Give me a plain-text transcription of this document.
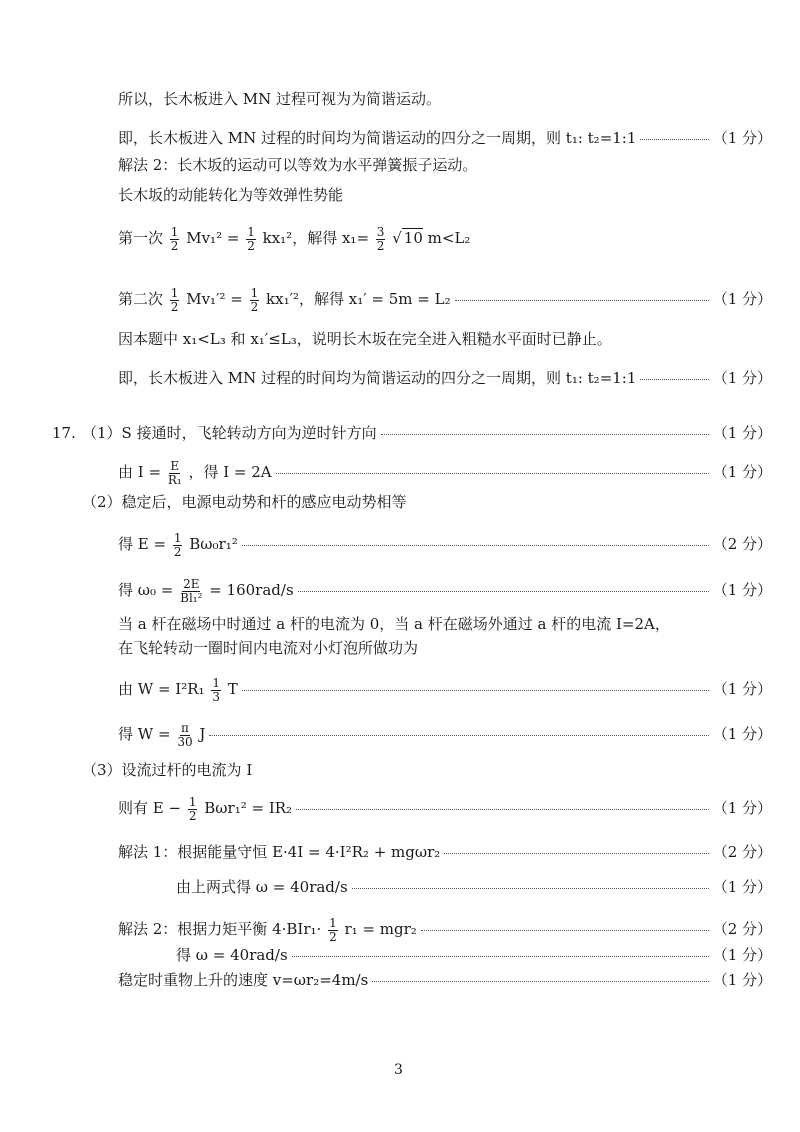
所以，长木板进入 MN 过程可视为为简谐运动。
即，长木板进入 MN 过程的时间均为简谐运动的四分之一周期，则 t₁: t₂=1:1	（1 分）
解法 2：长木坂的运动可以等效为水平弹簧振子运动。
长木坂的动能转化为等效弹性势能
第一次 $\frac{1}{2} Mv_1^2 = \frac{1}{2} kx_1^2$，解得 $x_1= \frac{3}{2}$ √ 10 m<L₂
第二次 $\frac{1}{2} Mv_1'^2 = \frac{1}{2} kx_1'^2$，解得 x₁′ = 5m = L₂	（1 分）
因本题中 x₁<L₃ 和 x₁′≤L₃，说明长木坂在完全进入粗糙水平面时已静止。
即，长木板进入 MN 过程的时间均为简谐运动的四分之一周期，则 t₁: t₂=1:1	（1 分）
17. （1）S 接通时，飞轮转动方向为逆时针方向	（1 分）
由 $I = \frac{E}{\text{R₁}}$ ，得 I = 2A	（1 分）
（2）稳定后，电源电动势和杆的感应电动势相等
得 $E = \frac{1}{2} B\omega_0r_1^2$	（2 分）
得 $\omega_0 = \frac{2E}{\text{Bl₁²}} = 160rad/s$	（1 分）
当 a 杆在磁场中时通过 a 杆的电流为 0，当 a 杆在磁场外通过 a 杆的电流 I=2A，
在飞轮转动一圈时间内电流对小灯泡所做功为
由 $W = I^2R_1 \frac{1}{3}$ T	（1 分）
得 $W = \frac{\pi}{30}$ J	（1 分）
（3）设流过杆的电流为 I
则有 $E - \frac{1}{2} B\omega r_1^2 = IR_2$	（1 分）
解法 1：根据能量守恒 E·4I = 4·I²R₂ + mgωr₂	（2 分）
由上两式得 ω = 40rad/s	（1 分）
解法 2：根据力矩平衡 $4\cdot BIr_1\cdot \frac{1}{2} r_1 = mgr_2$	（2 分）
得 ω = 40rad/s	（1 分）
稳定时重物上升的速度 v=ωr₂=4m/s	（1 分）
3
